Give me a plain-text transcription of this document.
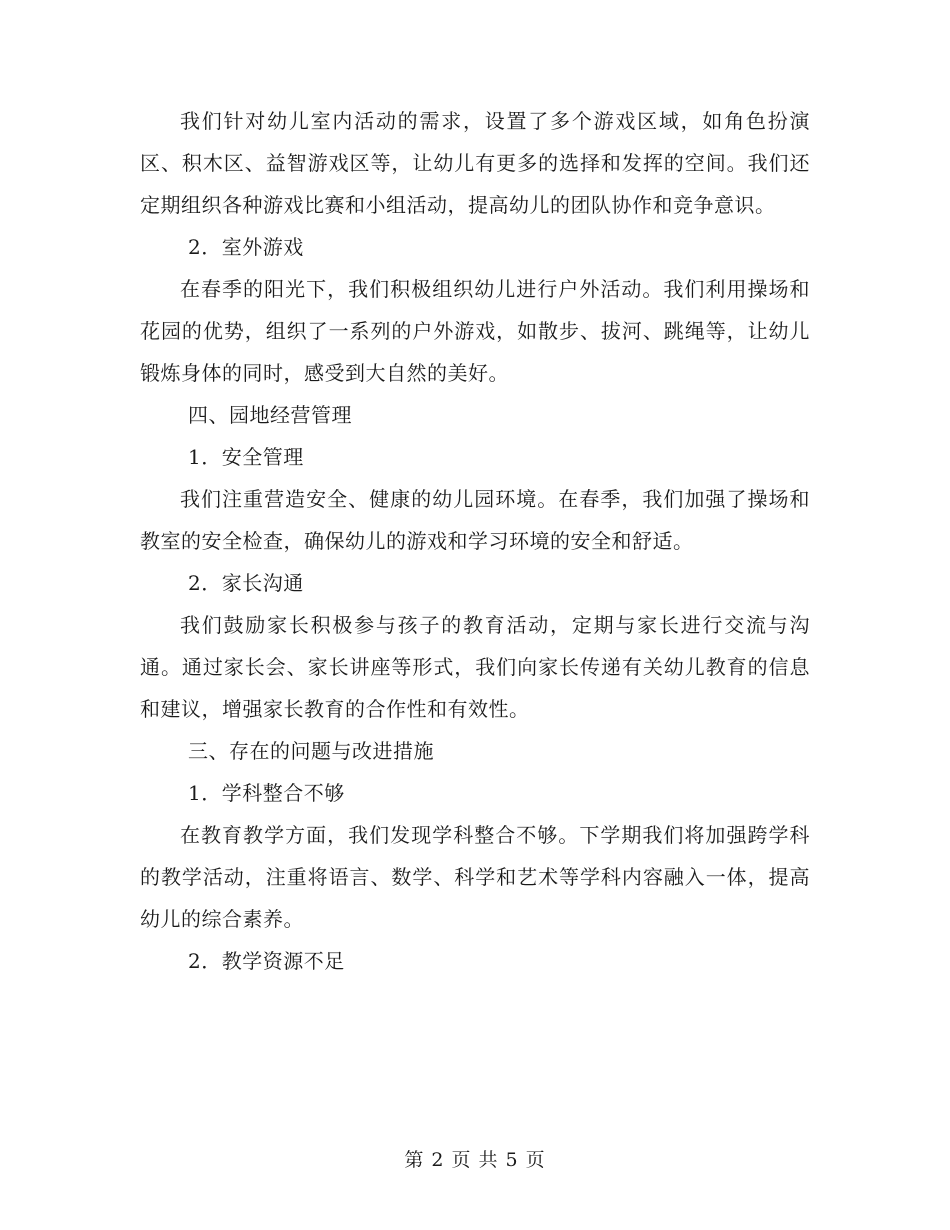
我们针对幼儿室内活动的需求，设置了多个游戏区域，如角色扮演区、积木区、益智游戏区等，让幼儿有更多的选择和发挥的空间。我们还定期组织各种游戏比赛和小组活动，提高幼儿的团队协作和竞争意识。

2．室外游戏

在春季的阳光下，我们积极组织幼儿进行户外活动。我们利用操场和花园的优势，组织了一系列的户外游戏，如散步、拔河、跳绳等，让幼儿锻炼身体的同时，感受到大自然的美好。

四、园地经营管理

1．安全管理

我们注重营造安全、健康的幼儿园环境。在春季，我们加强了操场和教室的安全检查，确保幼儿的游戏和学习环境的安全和舒适。

2．家长沟通

我们鼓励家长积极参与孩子的教育活动，定期与家长进行交流与沟通。通过家长会、家长讲座等形式，我们向家长传递有关幼儿教育的信息和建议，增强家长教育的合作性和有效性。

三、存在的问题与改进措施

1．学科整合不够

在教育教学方面，我们发现学科整合不够。下学期我们将加强跨学科的教学活动，注重将语言、数学、科学和艺术等学科内容融入一体，提高幼儿的综合素养。

2．教学资源不足

第 2 页 共 5 页
